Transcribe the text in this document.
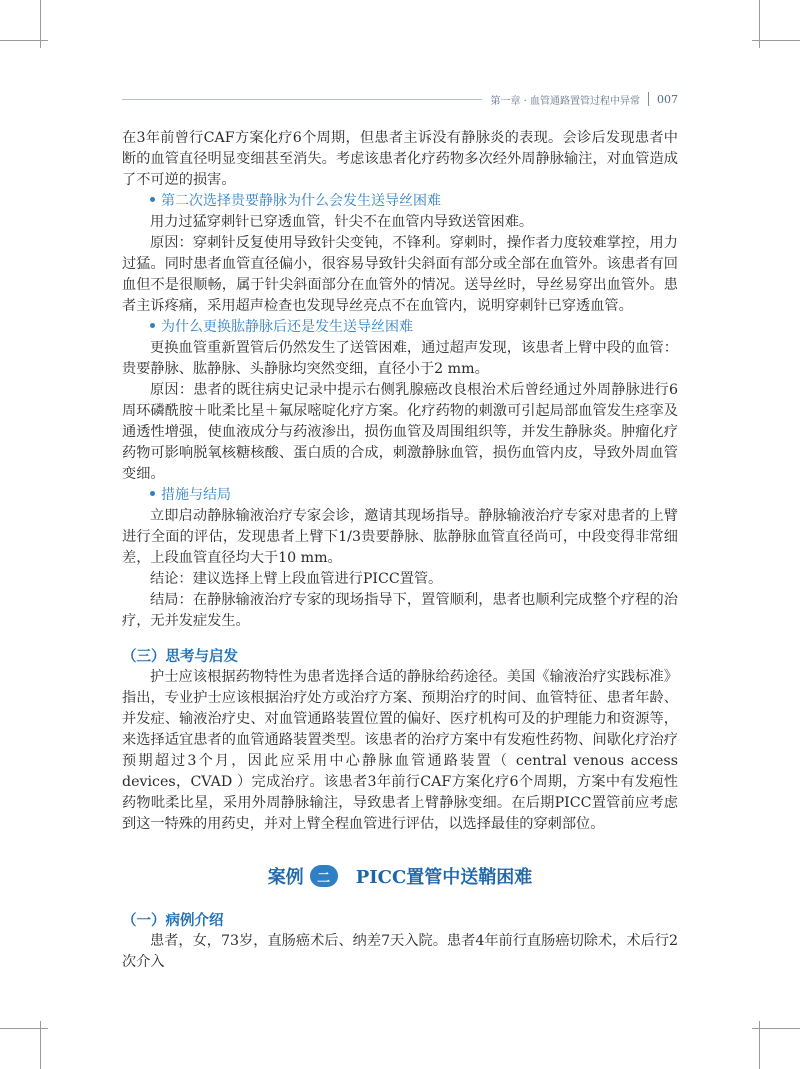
第一章 · 血管通路置管过程中异常 007

在3年前曾行CAF方案化疗6个周期，但患者主诉没有静脉炎的表现。会诊后发现患者中断的血管直径明显变细甚至消失。考虑该患者化疗药物多次经外周静脉输注，对血管造成了不可逆的损害。

第二次选择贵要静脉为什么会发生送导丝困难

用力过猛穿刺针已穿透血管，针尖不在血管内导致送管困难。

原因：穿刺针反复使用导致针尖变钝，不锋利。穿刺时，操作者力度较难掌控，用力过猛。同时患者血管直径偏小，很容易导致针尖斜面有部分或全部在血管外。该患者有回血但不是很顺畅，属于针尖斜面部分在血管外的情况。送导丝时，导丝易穿出血管外。患者主诉疼痛，采用超声检查也发现导丝亮点不在血管内，说明穿刺针已穿透血管。

为什么更换肱静脉后还是发生送导丝困难

更换血管重新置管后仍然发生了送管困难，通过超声发现，该患者上臂中段的血管：贵要静脉、肱静脉、头静脉均突然变细，直径小于2 mm。

原因：患者的既往病史记录中提示右侧乳腺癌改良根治术后曾经通过外周静脉进行6周环磷酰胺＋吡柔比星＋氟尿嘧啶化疗方案。化疗药物的刺激可引起局部血管发生痉挛及通透性增强，使血液成分与药液渗出，损伤血管及周围组织等，并发生静脉炎。肿瘤化疗药物可影响脱氧核糖核酸、蛋白质的合成，刺激静脉血管，损伤血管内皮，导致外周血管变细。

措施与结局

立即启动静脉输液治疗专家会诊，邀请其现场指导。静脉输液治疗专家对患者的上臂进行全面的评估，发现患者上臂下1/3贵要静脉、肱静脉血管直径尚可，中段变得非常细差，上段血管直径均大于10 mm。

结论：建议选择上臂上段血管进行PICC置管。

结局：在静脉输液治疗专家的现场指导下，置管顺利，患者也顺利完成整个疗程的治疗，无并发症发生。

（三）思考与启发

护士应该根据药物特性为患者选择合适的静脉给药途径。美国《输液治疗实践标准》指出，专业护士应该根据治疗处方或治疗方案、预期治疗的时间、血管特征、患者年龄、并发症、输液治疗史、对血管通路装置位置的偏好、医疗机构可及的护理能力和资源等，来选择适宜患者的血管通路装置类型。该患者的治疗方案中有发疱性药物、间歇化疗治疗预期超过3个月，因此应采用中心静脉血管通路装置（ central venous access devices，CVAD ）完成治疗。该患者3年前行CAF方案化疗6个周期，方案中有发疱性药物吡柔比星，采用外周静脉输注，导致患者上臂静脉变细。在后期PICC置管前应考虑到这一特殊的用药史，并对上臂全程血管进行评估，以选择最佳的穿刺部位。

案例	二	PICC置管中送鞘困难
（一）病例介绍

患者，女，73岁，直肠癌术后、纳差7天入院。患者4年前行直肠癌切除术，术后行2次介入
